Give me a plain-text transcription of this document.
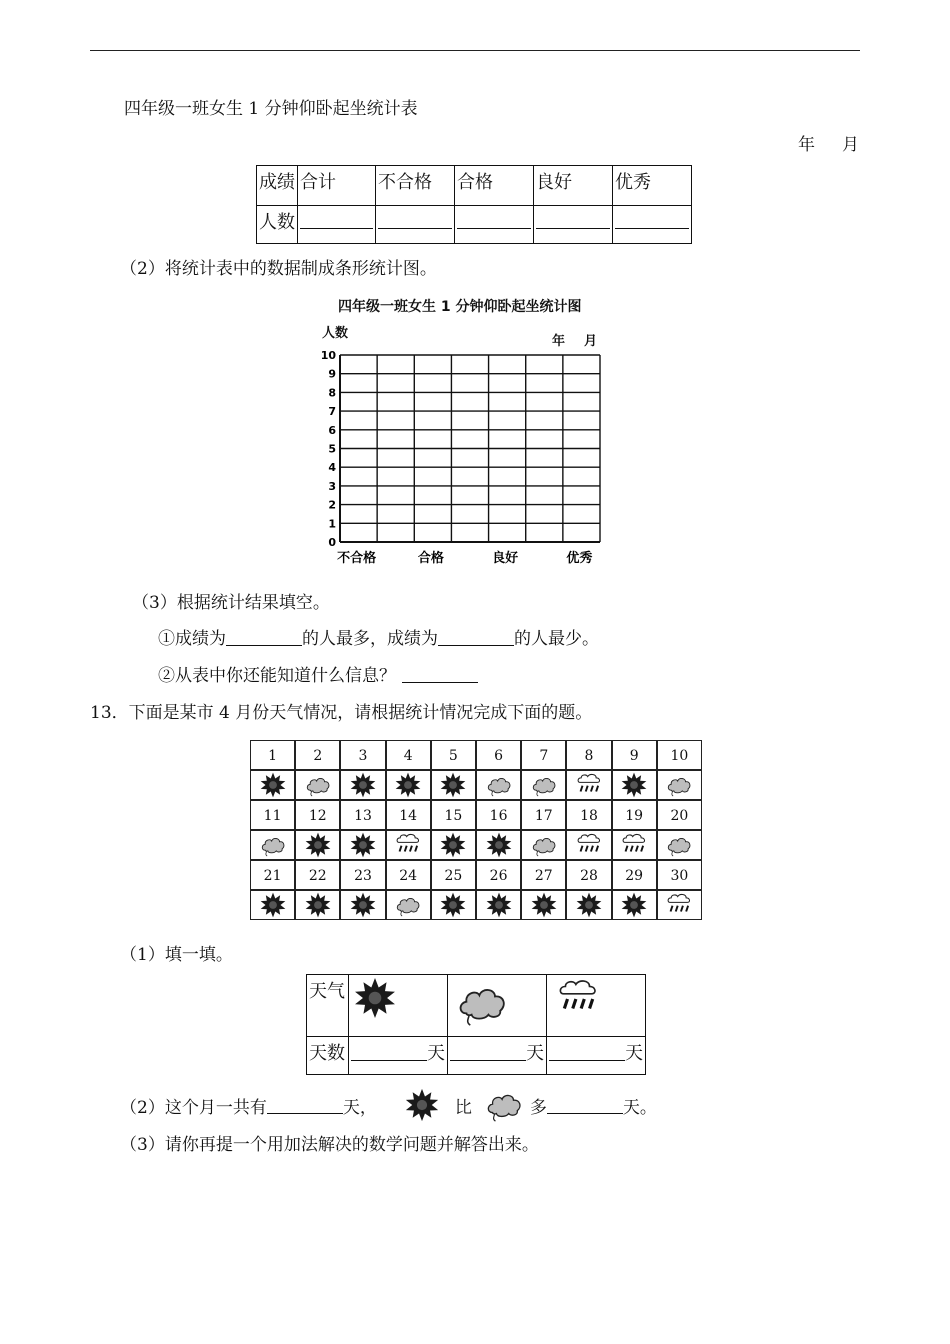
四年级一班女生 1 分钟仰卧起坐统计表
年 月
成绩	合计	不合格	合格	良好	优秀
人数	

（2）将统计表中的数据制成条形统计图。
四年级一班女生 1 分钟仰卧起坐统计图
人数
年 月
0
1
2
3
4
5
6
7
8
9
10
不合格	合格	良好	优秀
（3）根据统计结果填空。
①成绩为	的人最多，成绩为	的人最少。
②从表中你还能知道什么信息？
13．下面是某市 4 月份天气情况，请根据统计情况完成下面的题。
1	2	3	4	5	6	7	8	9	10
11	12	13	14	15	16	17	18	19	20
21	22	23	24	25	26	27	28	29	30
（1）填一填。
天气			
天数	天	天	天
（2）这个月一共有	天，	比	多	天。
（3）请你再提一个用加法解决的数学问题并解答出来。
